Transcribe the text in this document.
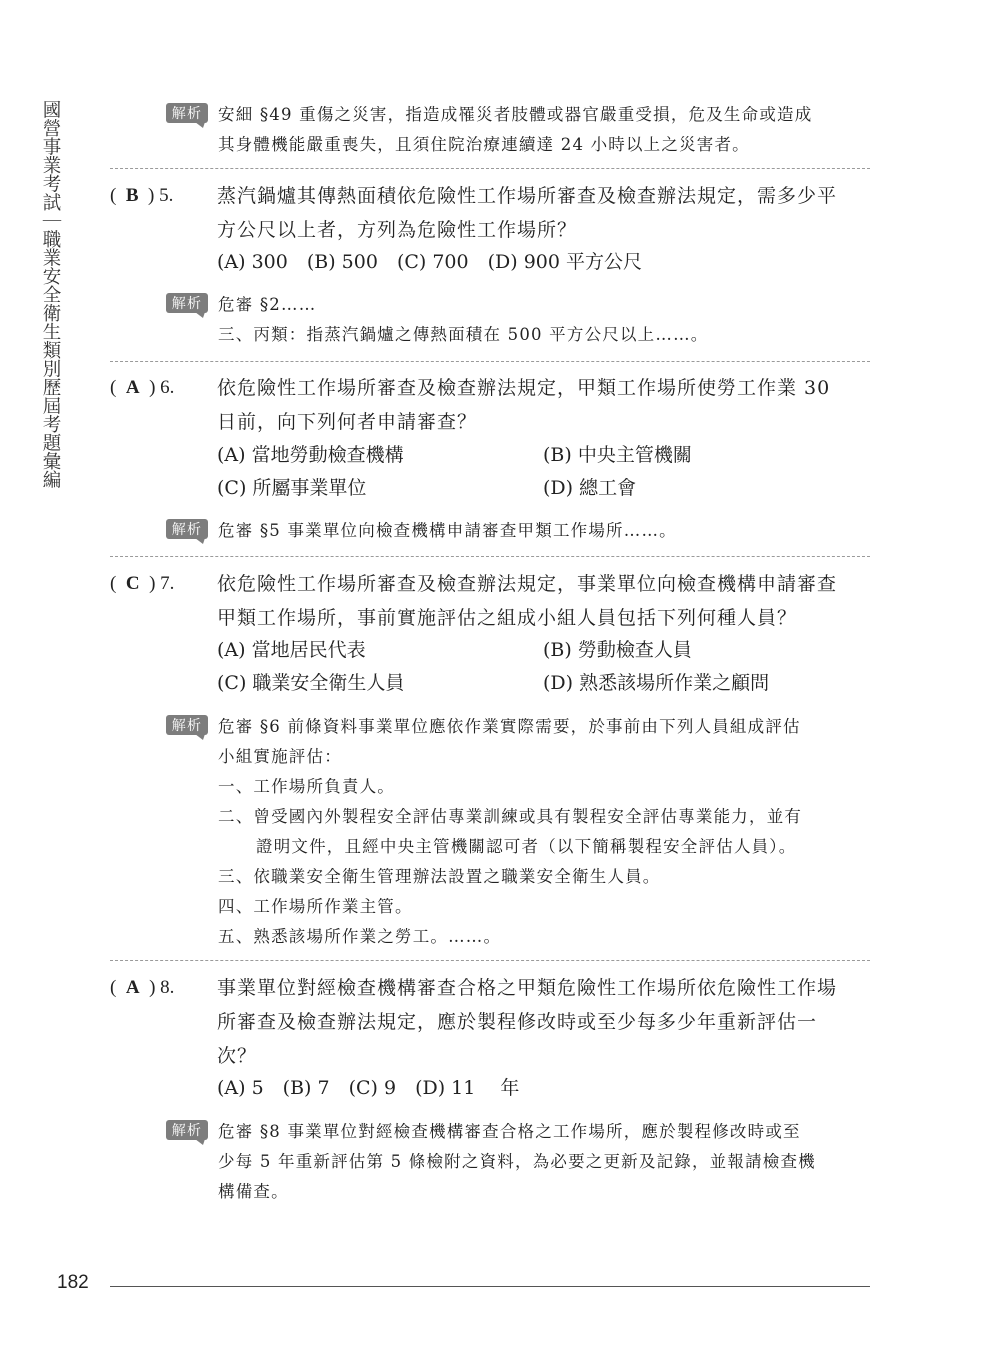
國營事業考試｜職業安全衛生類別歷屆考題彙編	解析 安細 §49 重傷之災害，指造成罹災者肢體或器官嚴重受損，危及生命或造成
其身體機能嚴重喪失，且須住院治療連續達 24 小時以上之災害者。
(  B  ) 5.	蒸汽鍋爐其傳熱面積依危險性工作場所審查及檢查辦法規定，需多少平
方公尺以上者，方列為危險性工作場所？
(A) 300　(B) 500　(C) 700　(D) 900 平方公尺
解析 危審 §2……
三、丙類：指蒸汽鍋爐之傳熱面積在 500 平方公尺以上……。
(  A  ) 6.	依危險性工作場所審查及檢查辦法規定，甲類工作場所使勞工作業 30
日前，向下列何者申請審查？
(A) 當地勞動檢查機構	(B) 中央主管機關
(C) 所屬事業單位	(D) 總工會
解析 危審 §5 事業單位向檢查機構申請審查甲類工作場所……。
(  C  ) 7.	依危險性工作場所審查及檢查辦法規定，事業單位向檢查機構申請審查
甲類工作場所，事前實施評估之組成小組人員包括下列何種人員？
(A) 當地居民代表	(B) 勞動檢查人員
(C) 職業安全衛生人員	(D) 熟悉該場所作業之顧問
解析 危審 §6 前條資料事業單位應依作業實際需要，於事前由下列人員組成評估
小組實施評估：
一、工作場所負責人。
二、曾受國內外製程安全評估專業訓練或具有製程安全評估專業能力，並有
證明文件，且經中央主管機關認可者（以下簡稱製程安全評估人員）。
三、依職業安全衛生管理辦法設置之職業安全衛生人員。
四、工作場所作業主管。
五、熟悉該場所作業之勞工。……。
(  A  ) 8.	事業單位對經檢查機構審查合格之甲類危險性工作場所依危險性工作場
所審查及檢查辦法規定，應於製程修改時或至少每多少年重新評估一
次？
(A) 5　(B) 7　(C) 9　(D) 11　 年
解析 危審 §8 事業單位對經檢查機構審查合格之工作場所，應於製程修改時或至
少每 5 年重新評估第 5 條檢附之資料，為必要之更新及記錄，並報請檢查機
構備查。
182
